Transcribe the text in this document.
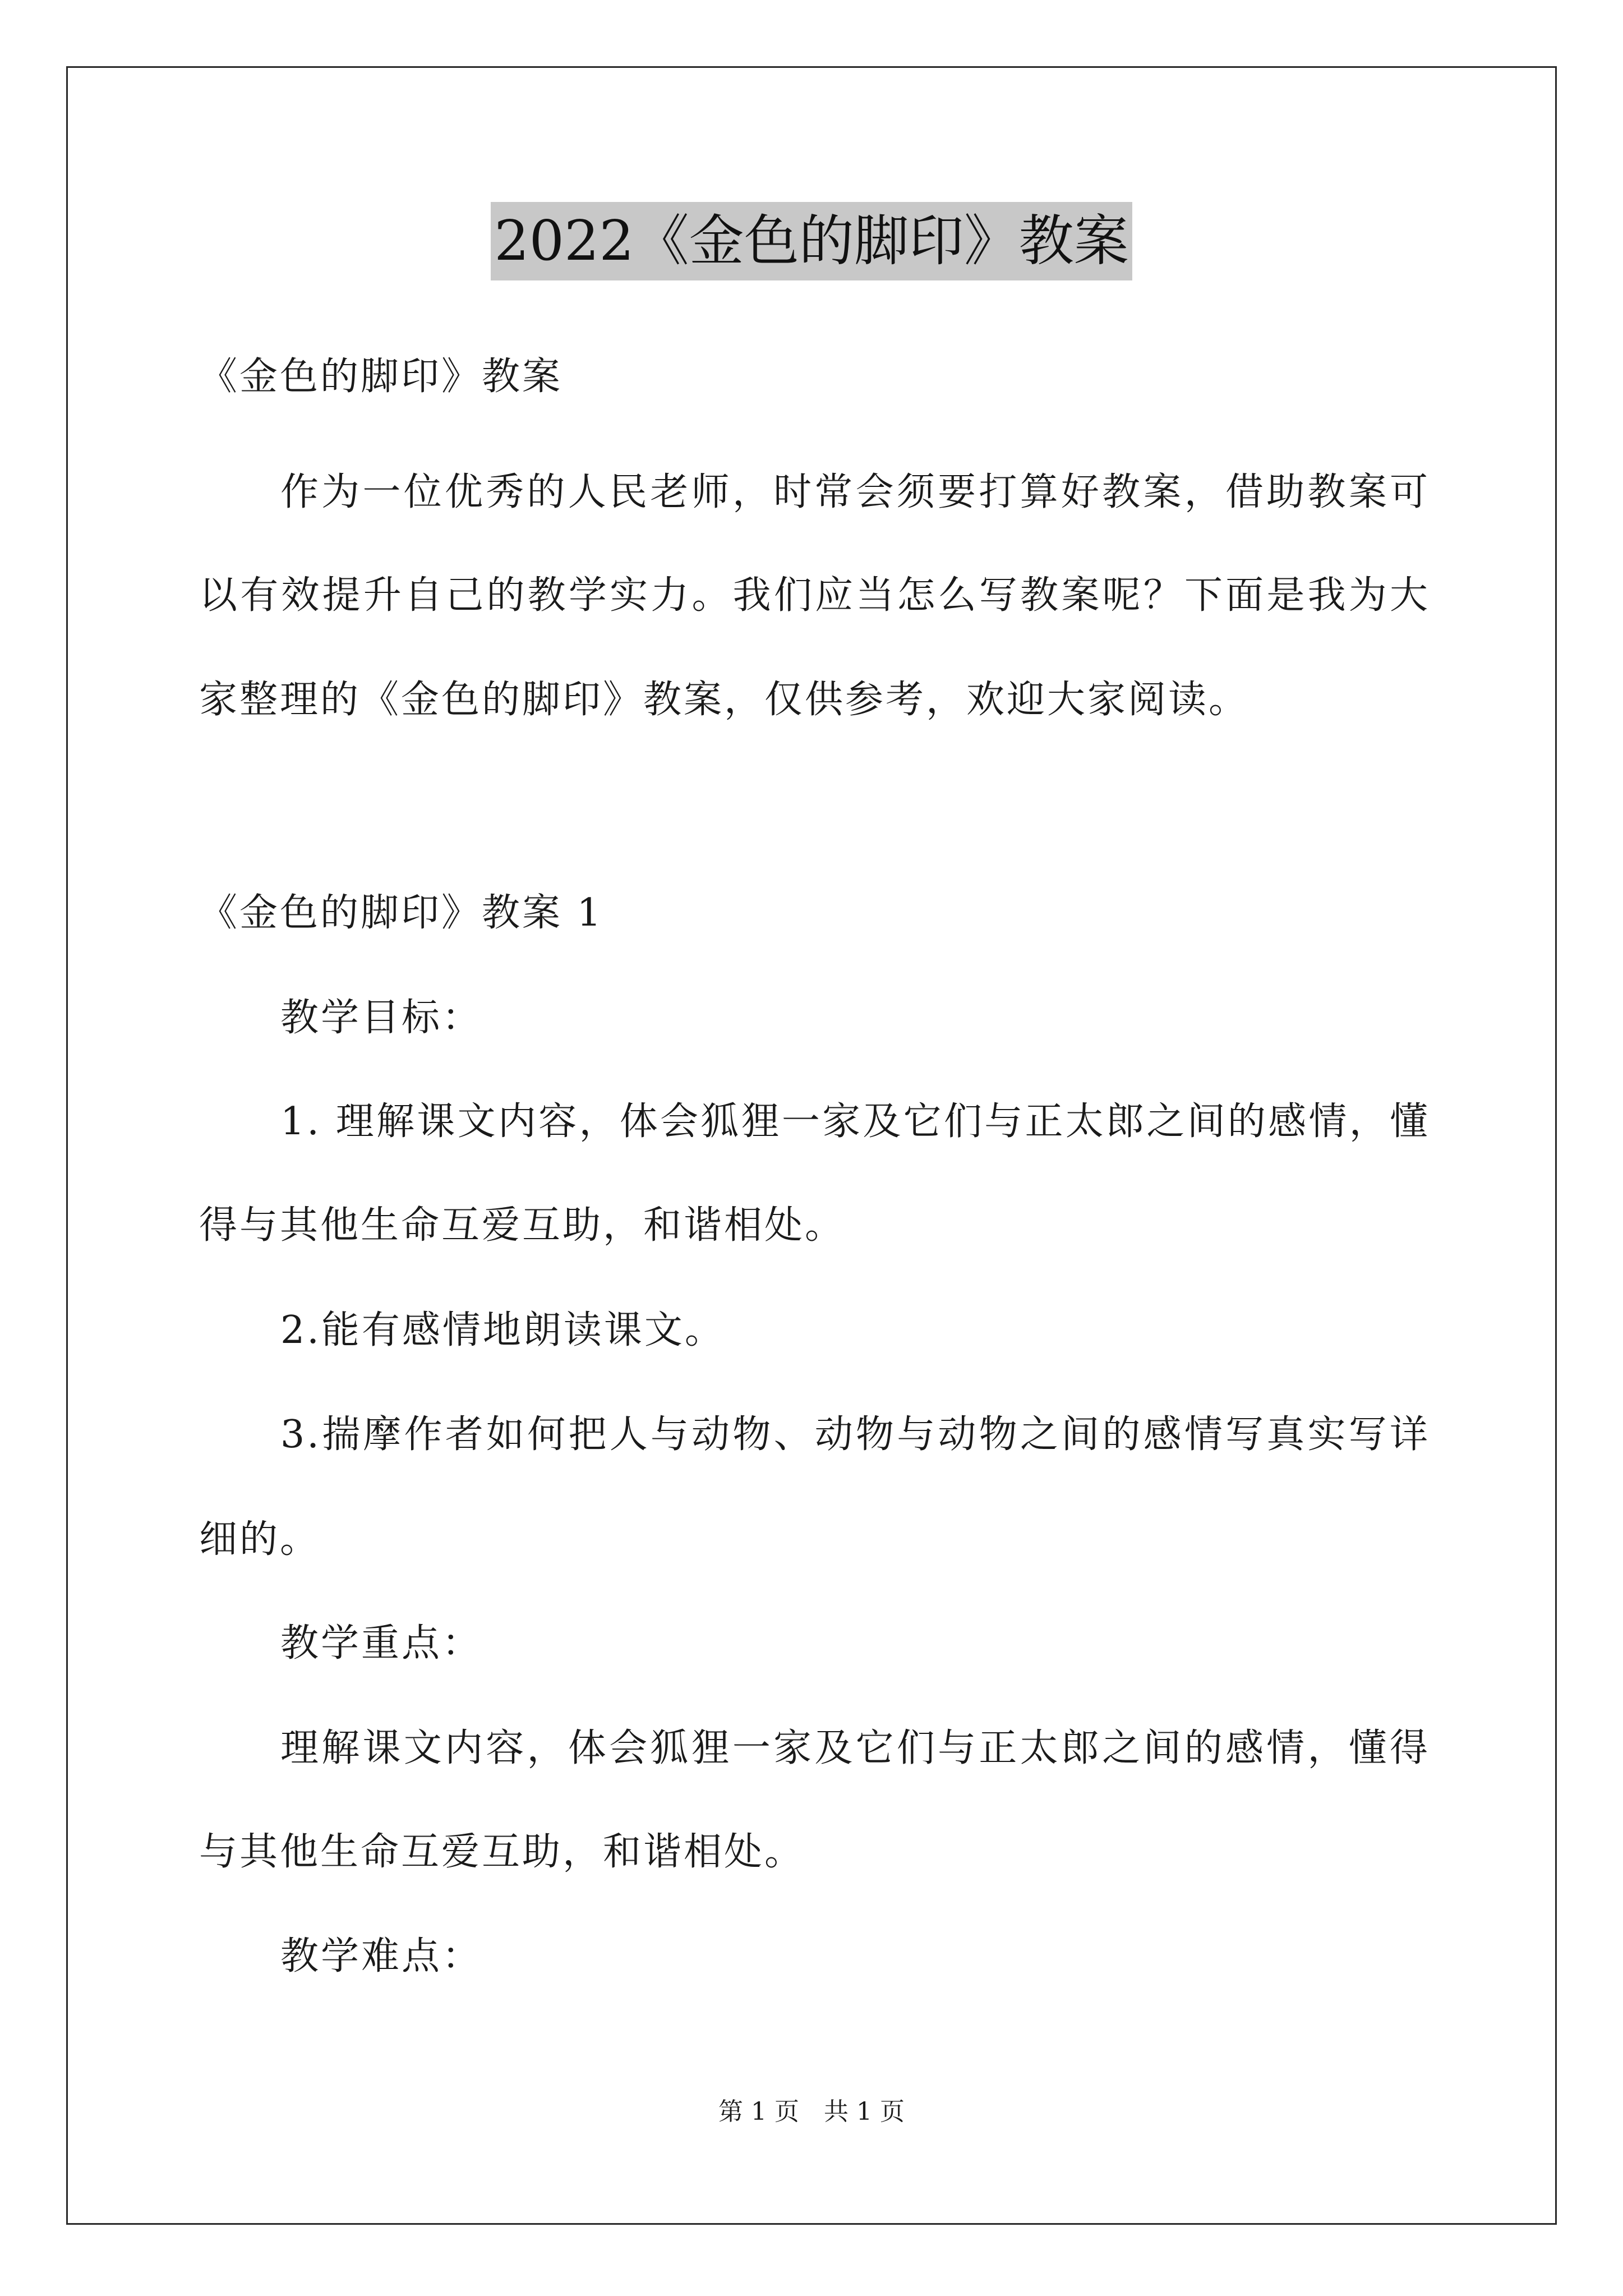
2022《金色的脚印》教案
《金色的脚印》教案
作为一位优秀的人民老师，时常会须要打算好教案，借助教案可
以有效提升自己的教学实力。我们应当怎么写教案呢？下面是我为大
家整理的《金色的脚印》教案，仅供参考，欢迎大家阅读。
《金色的脚印》教案 1
教学目标：
1. 理解课文内容，体会狐狸一家及它们与正太郎之间的感情，懂
得与其他生命互爱互助，和谐相处。
2.能有感情地朗读课文。
3.揣摩作者如何把人与动物、动物与动物之间的感情写真实写详
细的。
教学重点：
理解课文内容，体会狐狸一家及它们与正太郎之间的感情，懂得
与其他生命互爱互助，和谐相处。
教学难点：
第 1 页　共 1 页
